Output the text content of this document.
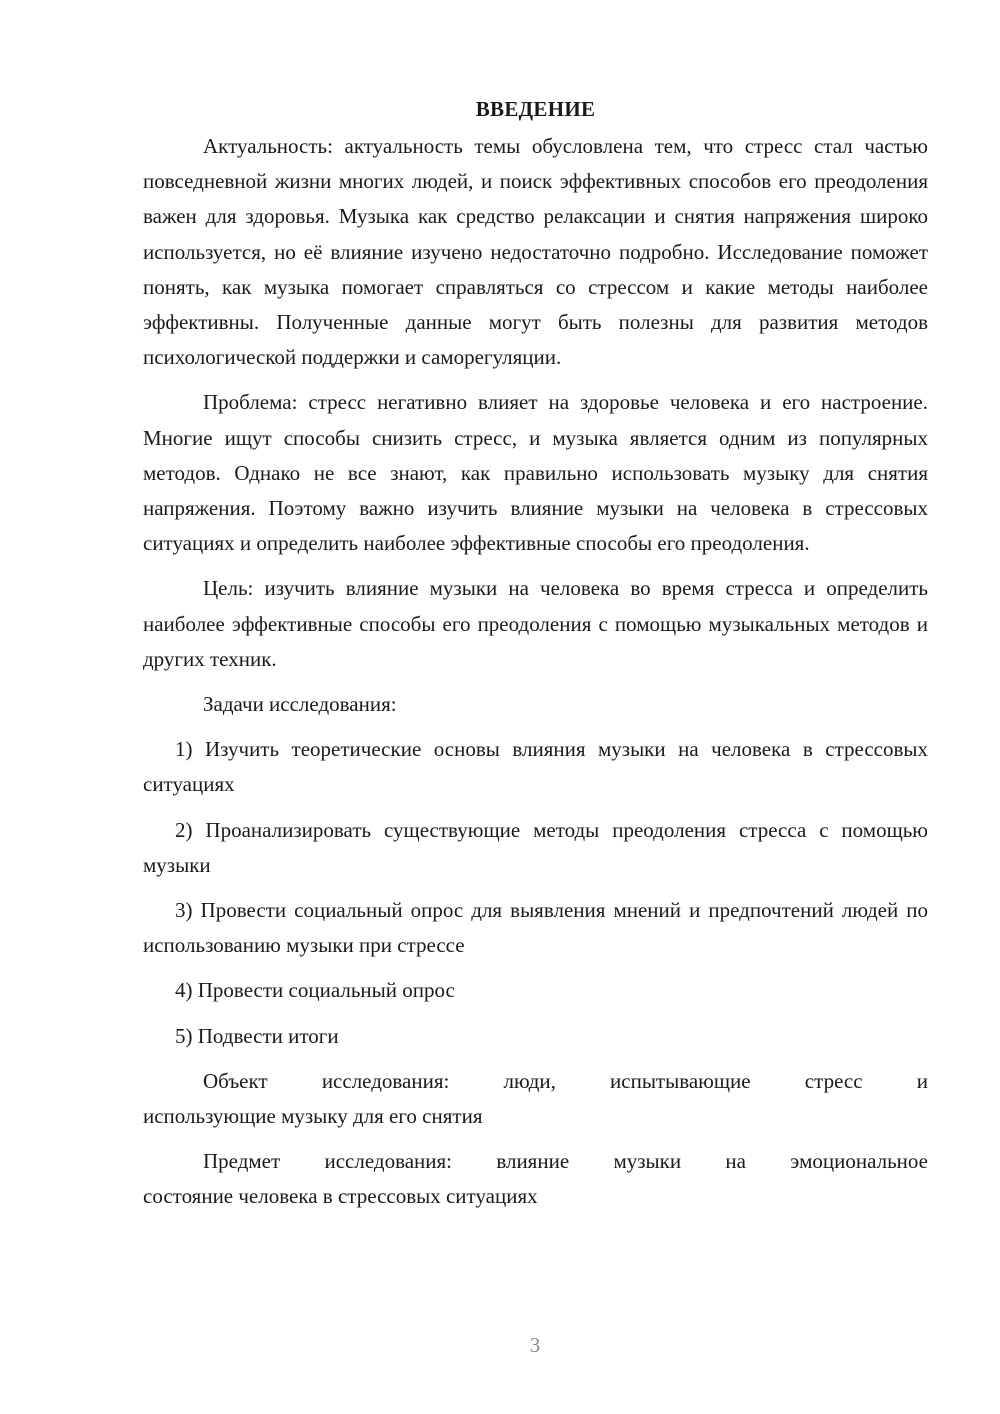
ВВЕДЕНИЕ

Актуальность: актуальность темы обусловлена тем, что стресс стал частью повседневной жизни многих людей, и поиск эффективных способов его преодоления важен для здоровья. Музыка как средство релаксации и снятия напряжения широко используется, но её влияние изучено недостаточно подробно. Исследование поможет понять, как музыка помогает справляться со стрессом и какие методы наиболее эффективны. Полученные данные могут быть полезны для развития методов психологической поддержки и саморегуляции.

Проблема: стресс негативно влияет на здоровье человека и его настроение. Многие ищут способы снизить стресс, и музыка является одним из популярных методов. Однако не все знают, как правильно использовать музыку для снятия напряжения. Поэтому важно изучить влияние музыки на человека в стрессовых ситуациях и определить наиболее эффективные способы его преодоления.

Цель: изучить влияние музыки на человека во время стресса и определить наиболее эффективные способы его преодоления с помощью музыкальных методов и других техник.

Задачи исследования:

1) Изучить теоретические основы влияния музыки на человека в стрессовых ситуациях

2) Проанализировать существующие методы преодоления стресса с помощью музыки

3) Провести социальный опрос для выявления мнений и предпочтений людей по использованию музыки при стрессе

4) Провести социальный опрос

5) Подвести итоги

Объект исследования: люди, испытывающие стресс и
использующие музыку для его снятия
Предмет исследования: влияние музыки на эмоциональное
состояние человека в стрессовых ситуациях
3
